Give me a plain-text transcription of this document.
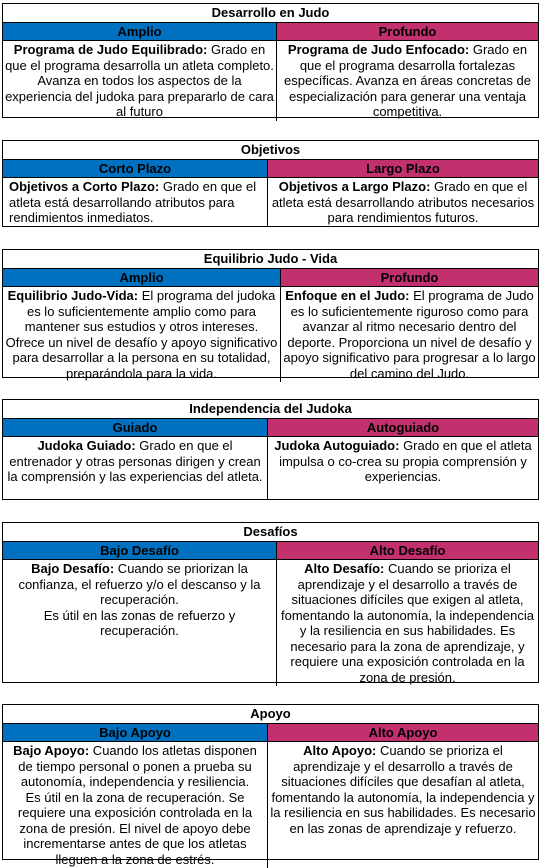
Desarrollo en Judo
Amplio	Profundo
Programa de Judo Equilibrado: Grado en que el programa desarrolla un atleta completo. Avanza en todos los aspectos de la experiencia del judoka para prepararlo de cara al futuro
Programa de Judo Enfocado: Grado en que el programa desarrolla fortalezas específicas. Avanza en áreas concretas de especialización para generar una ventaja competitiva.
Objetivos
Corto Plazo	Largo Plazo
Objetivos a Corto Plazo: Grado en que el atleta está desarrollando atributos para rendimientos inmediatos.
Objetivos a Largo Plazo: Grado en que el atleta está desarrollando atributos necesarios para rendimientos futuros.
Equilibrio Judo - Vida
Amplio	Profundo
Equilibrio Judo-Vida: El programa del judoka es lo suficientemente amplio como para mantener sus estudios y otros intereses. Ofrece un nivel de desafío y apoyo significativo para desarrollar a la persona en su totalidad, preparándola para la vida.
Enfoque en el Judo: El programa de Judo es lo suficientemente riguroso como para avanzar al ritmo necesario dentro del deporte. Proporciona un nivel de desafío y apoyo significativo para progresar a lo largo del camino del Judo.
Independencia del Judoka
Guiado	Autoguiado
Judoka Guiado: Grado en que el entrenador y otras personas dirigen y crean la comprensión y las experiencias del atleta.
Judoka Autoguiado: Grado en que el atleta impulsa o co-crea su propia comprensión y experiencias.
Desafíos
Bajo Desafío	Alto Desafío
Bajo Desafío: Cuando se priorizan la confianza, el refuerzo y/o el descanso y la recuperación.
Es útil en las zonas de refuerzo y recuperación.
Alto Desafío: Cuando se prioriza el aprendizaje y el desarrollo a través de situaciones difíciles que exigen al atleta, fomentando la autonomía, la independencia y la resiliencia en sus habilidades. Es necesario para la zona de aprendizaje, y requiere una exposición controlada en la zona de presión.
Apoyo
Bajo Apoyo	Alto Apoyo
Bajo Apoyo: Cuando los atletas disponen de tiempo personal o ponen a prueba su autonomía, independencia y resiliencia.
Es útil en la zona de recuperación. Se requiere una exposición controlada en la zona de presión. El nivel de apoyo debe incrementarse antes de que los atletas lleguen a la zona de estrés.
Alto Apoyo: Cuando se prioriza el aprendizaje y el desarrollo a través de situaciones difíciles que desafían al atleta, fomentando la autonomía, la independencia y la resiliencia en sus habilidades. Es necesario en las zonas de aprendizaje y refuerzo.
